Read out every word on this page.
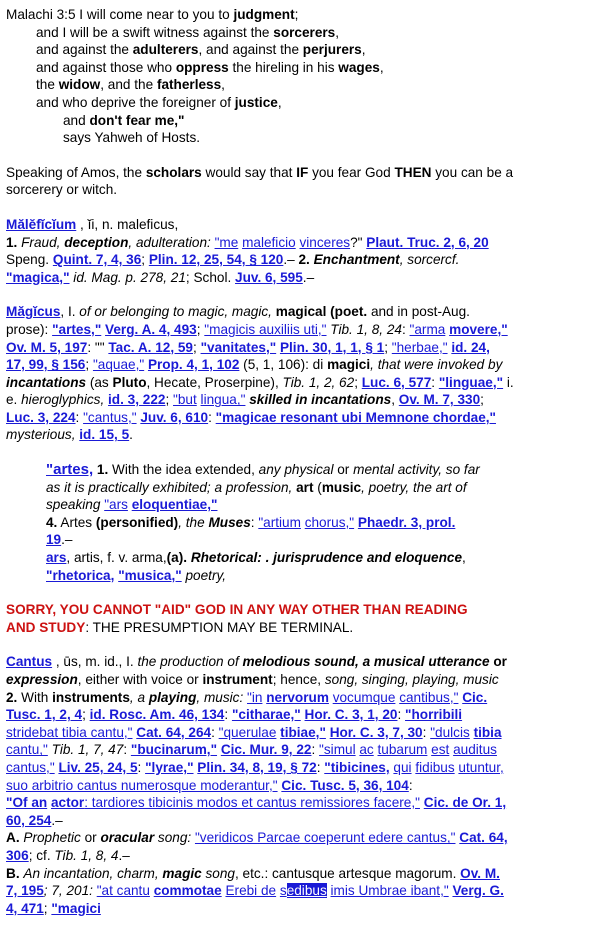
Malachi 3:5 I will come near to you to judgment;
and I will be a swift witness against the sorcerers,
and against the adulterers, and against the perjurers,
and against those who oppress the hireling in his wages,
the widow, and the fatherless,
and who deprive the foreigner of justice,
and don't fear me,"
says Yahweh of Hosts.
Speaking of Amos, the scholars would say that IF you fear God THEN you can be a
sorcerery or witch.
Mălĕfĭcĭum , ĭi, n. maleficus,
1. Fraud, deception, adulteration: "me maleficio vinceres?" Plaut. Truc. 2, 6, 20
Speng. Quint. 7, 4, 36; Plin. 12, 25, 54, § 120.– 2. Enchantment, sorcercf.
"magica," id. Mag. p. 278, 21; Schol. Juv. 6, 595.–
Măgĭcus, I. of or belonging to magic, magic, magical (poet. and in post-Aug.
prose): "artes," Verg. A. 4, 493; "magicis auxiliis uti," Tib. 1, 8, 24: "arma movere,"
Ov. M. 5, 197: "" Tac. A. 12, 59; "vanitates," Plin. 30, 1, 1, § 1; "herbae," id. 24,
17, 99, § 156; "aquae," Prop. 4, 1, 102 (5, 1, 106): di magici, that were invoked by
incantations (as Pluto, Hecate, Proserpine), Tib. 1, 2, 62; Luc. 6, 577: "linguae," i.
e. hieroglyphics, id. 3, 222; "but lingua," skilled in incantations, Ov. M. 7, 330;
Luc. 3, 224: "cantus," Juv. 6, 610: "magicae resonant ubi Memnone chordae,"
mysterious, id. 15, 5.
"artes, 1. With the idea extended, any physical or mental activity, so far
as it is practically exhibited; a profession, art (music, poetry, the art of
speaking "ars eloquentiae,"
4. Artes (personified), the Muses: "artium chorus," Phaedr. 3, prol.
19.–
ars, artis, f. v. arma,(a). Rhetorical: . jurisprudence and eloquence,
"rhetorica, "musica," poetry,
SORRY, YOU CANNOT "AID" GOD IN ANY WAY OTHER THAN READING
AND STUDY: THE PRESUMPTION MAY BE TERMINAL.
Cantus , ūs, m. id., I. the production of melodious sound, a musical utterance or
expression, either with voice or instrument; hence, song, singing, playing, music
2. With instruments, a playing, music: "in nervorum vocumque cantibus," Cic.
Tusc. 1, 2, 4; id. Rosc. Am. 46, 134: "citharae," Hor. C. 3, 1, 20: "horribili
stridebat tibia cantu," Cat. 64, 264: "querulae tibiae," Hor. C. 3, 7, 30: "dulcis tibia
cantu," Tib. 1, 7, 47: "bucinarum," Cic. Mur. 9, 22: "simul ac tubarum est auditus
cantus," Liv. 25, 24, 5: "lyrae," Plin. 34, 8, 19, § 72: "tibicines, qui fidibus utuntur,
suo arbitrio cantus numerosque moderantur," Cic. Tusc. 5, 36, 104:
"Of an actor: tardiores tibicinis modos et cantus remissiores facere," Cic. de Or. 1,
60, 254.–
A. Prophetic or oracular song: "veridicos Parcae coeperunt edere cantus," Cat. 64,
306; cf. Tib. 1, 8, 4.–
B. An incantation, charm, magic song, etc.: cantusque artesque magorum. Ov. M.
7, 195; 7, 201: "at cantu commotae Erebi de sedibus imis Umbrae ibant," Verg. G.
4, 471; "magici
